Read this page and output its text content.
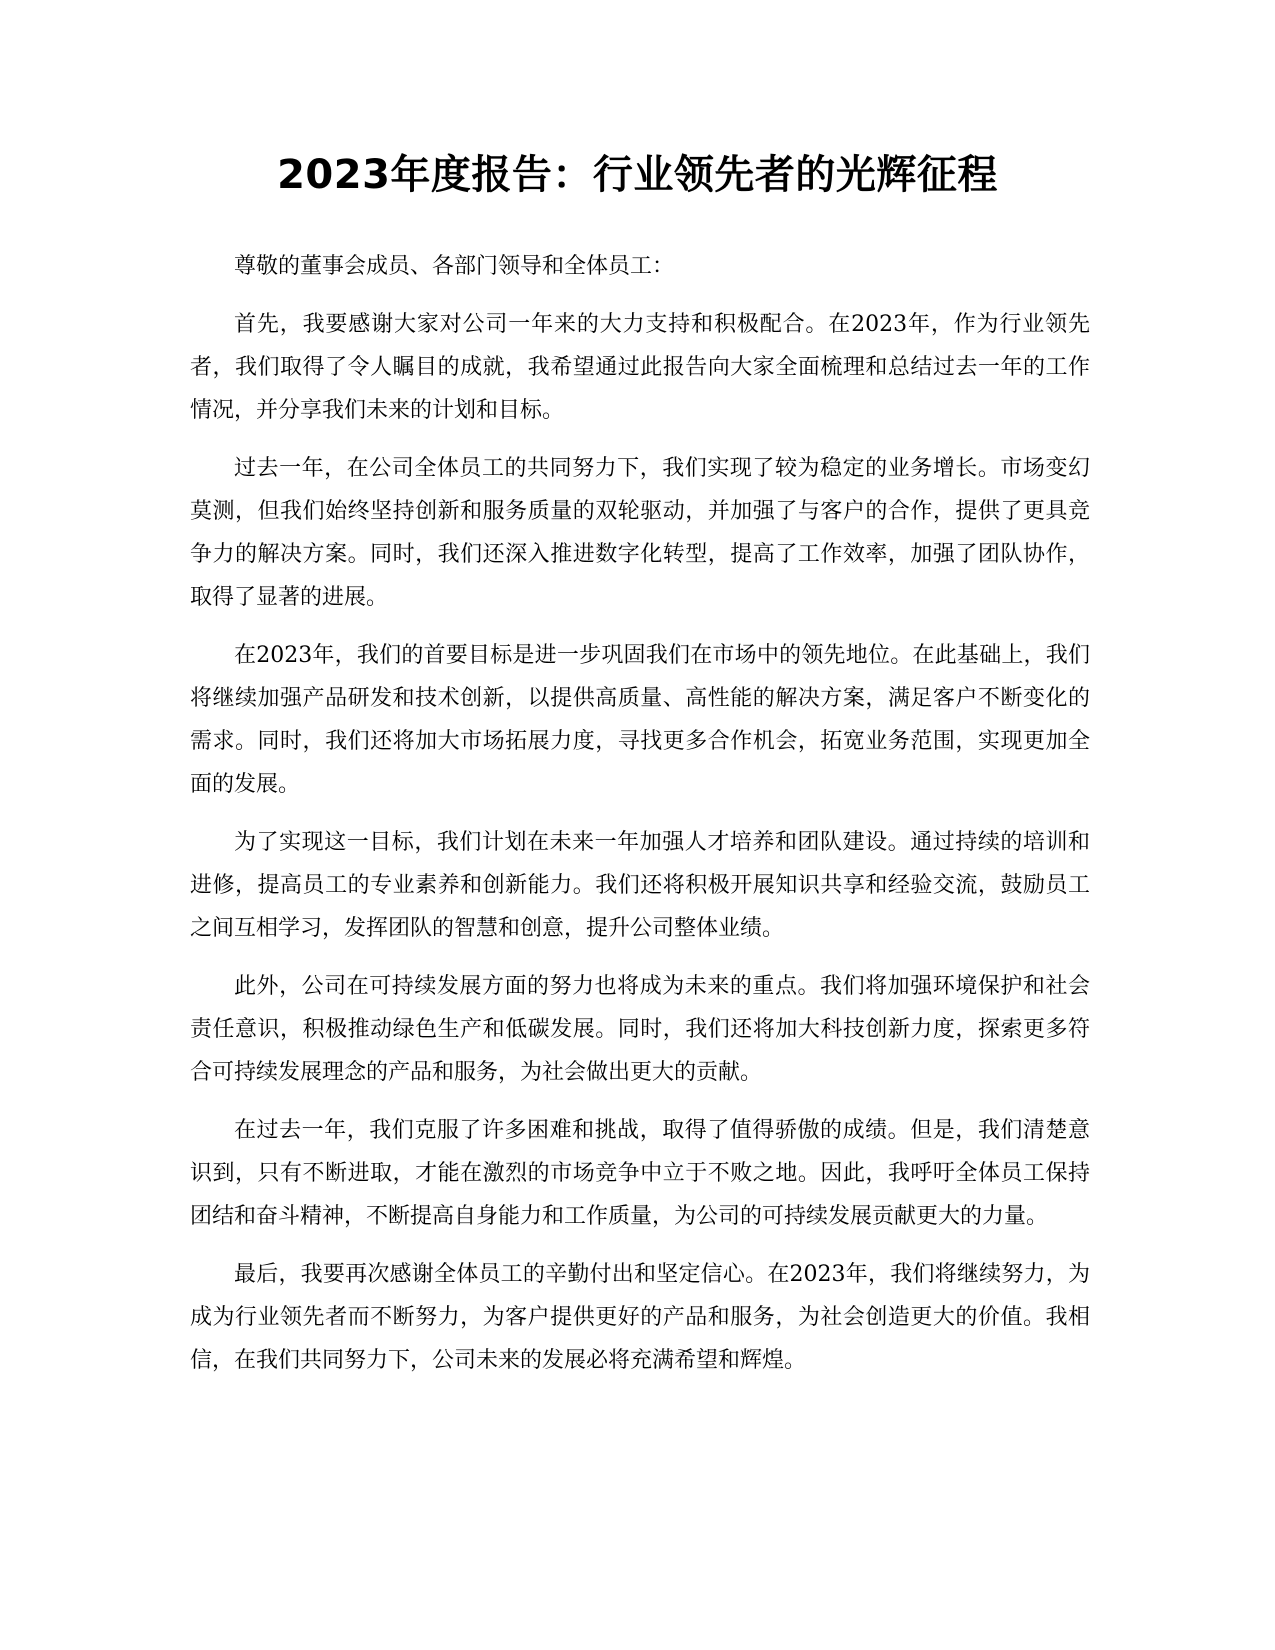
2023年度报告：行业领先者的光辉征程

尊敬的董事会成员、各部门领导和全体员工：

首先，我要感谢大家对公司一年来的大力支持和积极配合。在2023年，作为行业领先者，我们取得了令人瞩目的成就，我希望通过此报告向大家全面梳理和总结过去一年的工作情况，并分享我们未来的计划和目标。

过去一年，在公司全体员工的共同努力下，我们实现了较为稳定的业务增长。市场变幻莫测，但我们始终坚持创新和服务质量的双轮驱动，并加强了与客户的合作，提供了更具竞争力的解决方案。同时，我们还深入推进数字化转型，提高了工作效率，加强了团队协作，取得了显著的进展。

在2023年，我们的首要目标是进一步巩固我们在市场中的领先地位。在此基础上，我们将继续加强产品研发和技术创新，以提供高质量、高性能的解决方案，满足客户不断变化的需求。同时，我们还将加大市场拓展力度，寻找更多合作机会，拓宽业务范围，实现更加全面的发展。

为了实现这一目标，我们计划在未来一年加强人才培养和团队建设。通过持续的培训和进修，提高员工的专业素养和创新能力。我们还将积极开展知识共享和经验交流，鼓励员工之间互相学习，发挥团队的智慧和创意，提升公司整体业绩。

此外，公司在可持续发展方面的努力也将成为未来的重点。我们将加强环境保护和社会责任意识，积极推动绿色生产和低碳发展。同时，我们还将加大科技创新力度，探索更多符合可持续发展理念的产品和服务，为社会做出更大的贡献。

在过去一年，我们克服了许多困难和挑战，取得了值得骄傲的成绩。但是，我们清楚意识到，只有不断进取，才能在激烈的市场竞争中立于不败之地。因此，我呼吁全体员工保持团结和奋斗精神，不断提高自身能力和工作质量，为公司的可持续发展贡献更大的力量。

最后，我要再次感谢全体员工的辛勤付出和坚定信心。在2023年，我们将继续努力，为成为行业领先者而不断努力，为客户提供更好的产品和服务，为社会创造更大的价值。我相信，在我们共同努力下，公司未来的发展必将充满希望和辉煌。
